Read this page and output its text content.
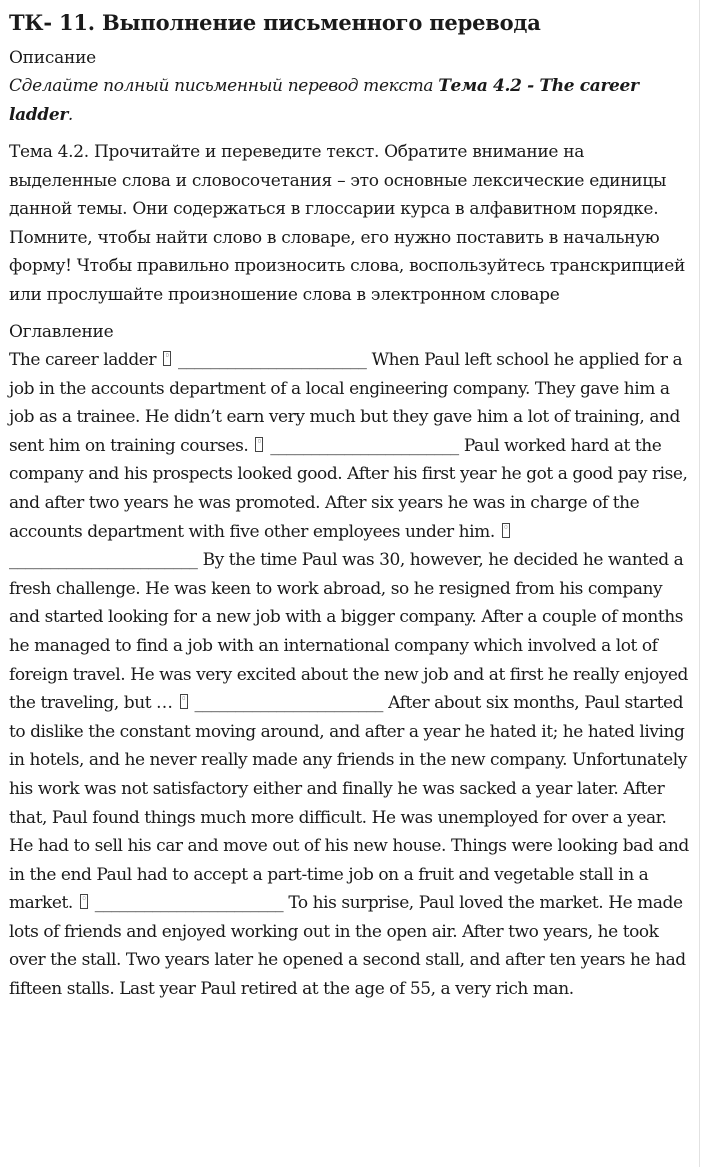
ТК- 11. Выполнение письменного перевода

Описание

Сделайте полный письменный перевод текста Тема 4.2 - The career ladder.

Тема 4.2. Прочитайте и переведите текст. Обратите внимание на выделенные слова и словосочетания – это основные лексические единицы данной темы. Они содержаться в глоссарии курса в алфавитном порядке. Помните, чтобы найти слово в словаре, его нужно поставить в начальную форму! Чтобы правильно произносить слова, воспользуйтесь транскрипцией или прослушайте произношение слова в электронном словаре

Оглавление

The career ladder □ _______________________ When Paul left school he applied for a job in the accounts department of a local engineering company. They gave him a job as a trainee. He didn’t earn very much but they gave him a lot of training, and sent him on training courses. □ _______________________ Paul worked hard at the company and his prospects looked good. After his first year he got a good pay rise, and after two years he was promoted. After six years he was in charge of the accounts department with five other employees under him. □ _______________________ By the time Paul was 30, however, he decided he wanted a fresh challenge. He was keen to work abroad, so he resigned from his company and started looking for a new job with a bigger company. After a couple of months he managed to find a job with an international company which involved a lot of foreign travel. He was very excited about the new job and at first he really enjoyed the traveling, but … □ _______________________ After about six months, Paul started to dislike the constant moving around, and after a year he hated it; he hated living in hotels, and he never really made any friends in the new company. Unfortunately his work was not satisfactory either and finally he was sacked a year later. After that, Paul found things much more difficult. He was unemployed for over a year. He had to sell his car and move out of his new house. Things were looking bad and in the end Paul had to accept a part-time job on a fruit and vegetable stall in a market. □ _______________________ To his surprise, Paul loved the market. He made lots of friends and enjoyed working out in the open air. After two years, he took over the stall. Two years later he opened a second stall, and after ten years he had fifteen stalls. Last year Paul retired at the age of 55, a very rich man.
